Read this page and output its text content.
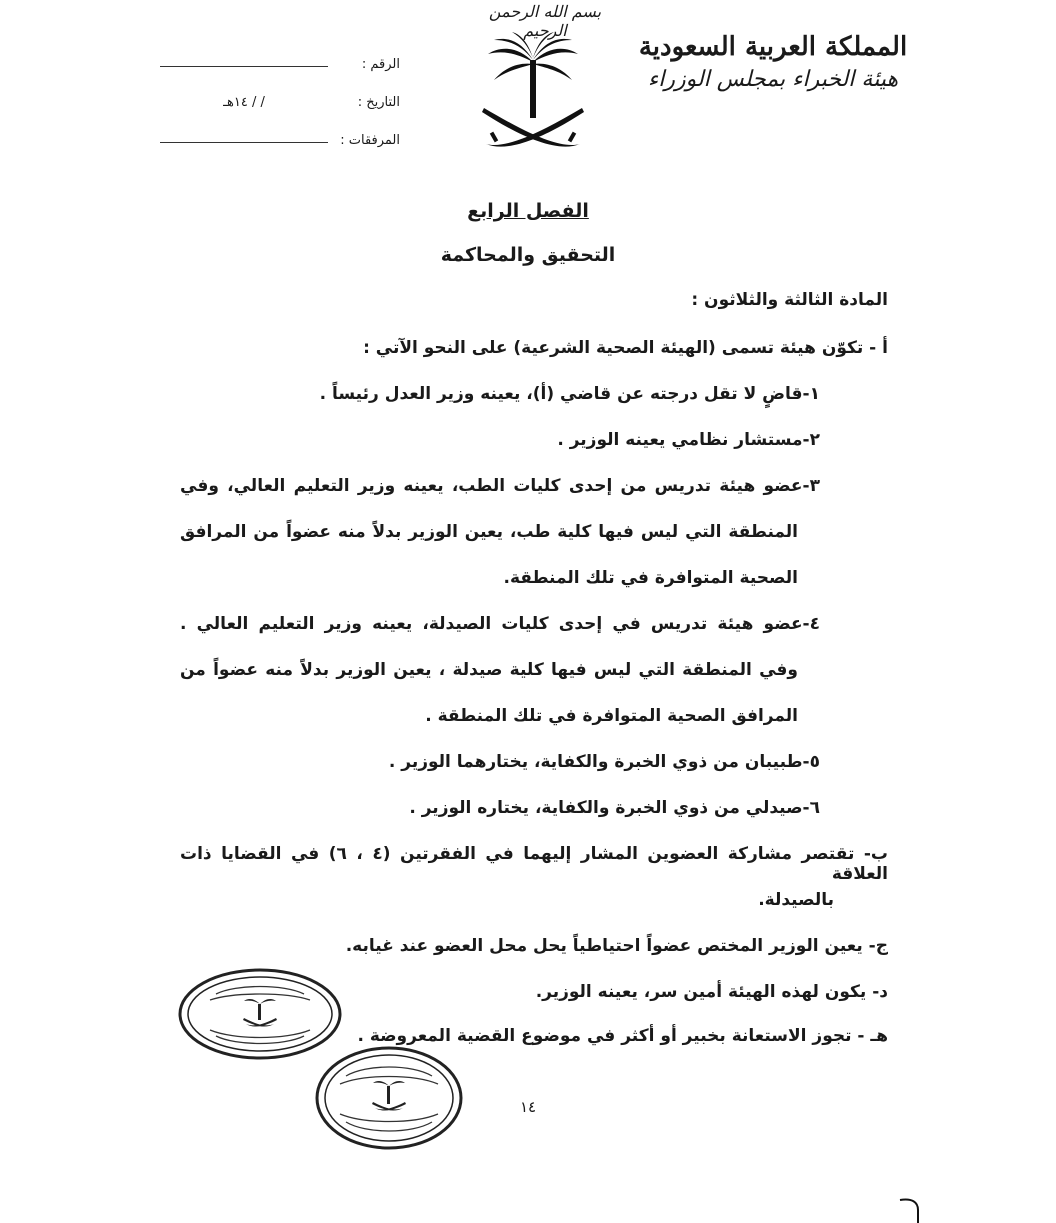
بسم الله الرحمن الرحيم
المملكة العربية السعودية
هيئة الخبراء بمجلس الوزراء
الرقم :
التاريخ :
/ / ١٤هـ
المرفقات :
الفصل الرابع
التحقيق والمحاكمة
المادة الثالثة والثلاثون :
أ - تكوّن هيئة تسمى (الهيئة الصحية الشرعية) على النحو الآتي :
١-قاضٍ لا تقل درجته عن قاضي (أ)، يعينه وزير العدل رئيساً .
٢-مستشار نظامي يعينه الوزير .
٣-عضو هيئة تدريس من إحدى كليات الطب، يعينه وزير التعليم العالي، وفي
المنطقة التي ليس فيها كلية طب، يعين الوزير بدلاً منه عضواً من المرافق
الصحية المتوافرة في تلك المنطقة.
٤-عضو هيئة تدريس في إحدى كليات الصيدلة، يعينه وزير التعليم العالي .
وفي المنطقة التي ليس فيها كلية صيدلة ، يعين الوزير بدلاً منه عضواً من
المرافق الصحية المتوافرة في تلك المنطقة .
٥-طبيبان من ذوي الخبرة والكفاية، يختارهما الوزير .
٦-صيدلي من ذوي الخبرة والكفاية، يختاره الوزير .
ب- تقتصر مشاركة العضوين المشار إليهما في الفقرتين (٤ ، ٦) في القضايا ذات العلاقة
بالصيدلة.
ج- يعين الوزير المختص عضواً احتياطياً يحل محل العضو عند غيابه.
د- يكون لهذه الهيئة أمين سر، يعينه الوزير.
هـ - تجوز الاستعانة بخبير أو أكثر في موضوع القضية المعروضة .
١٤
